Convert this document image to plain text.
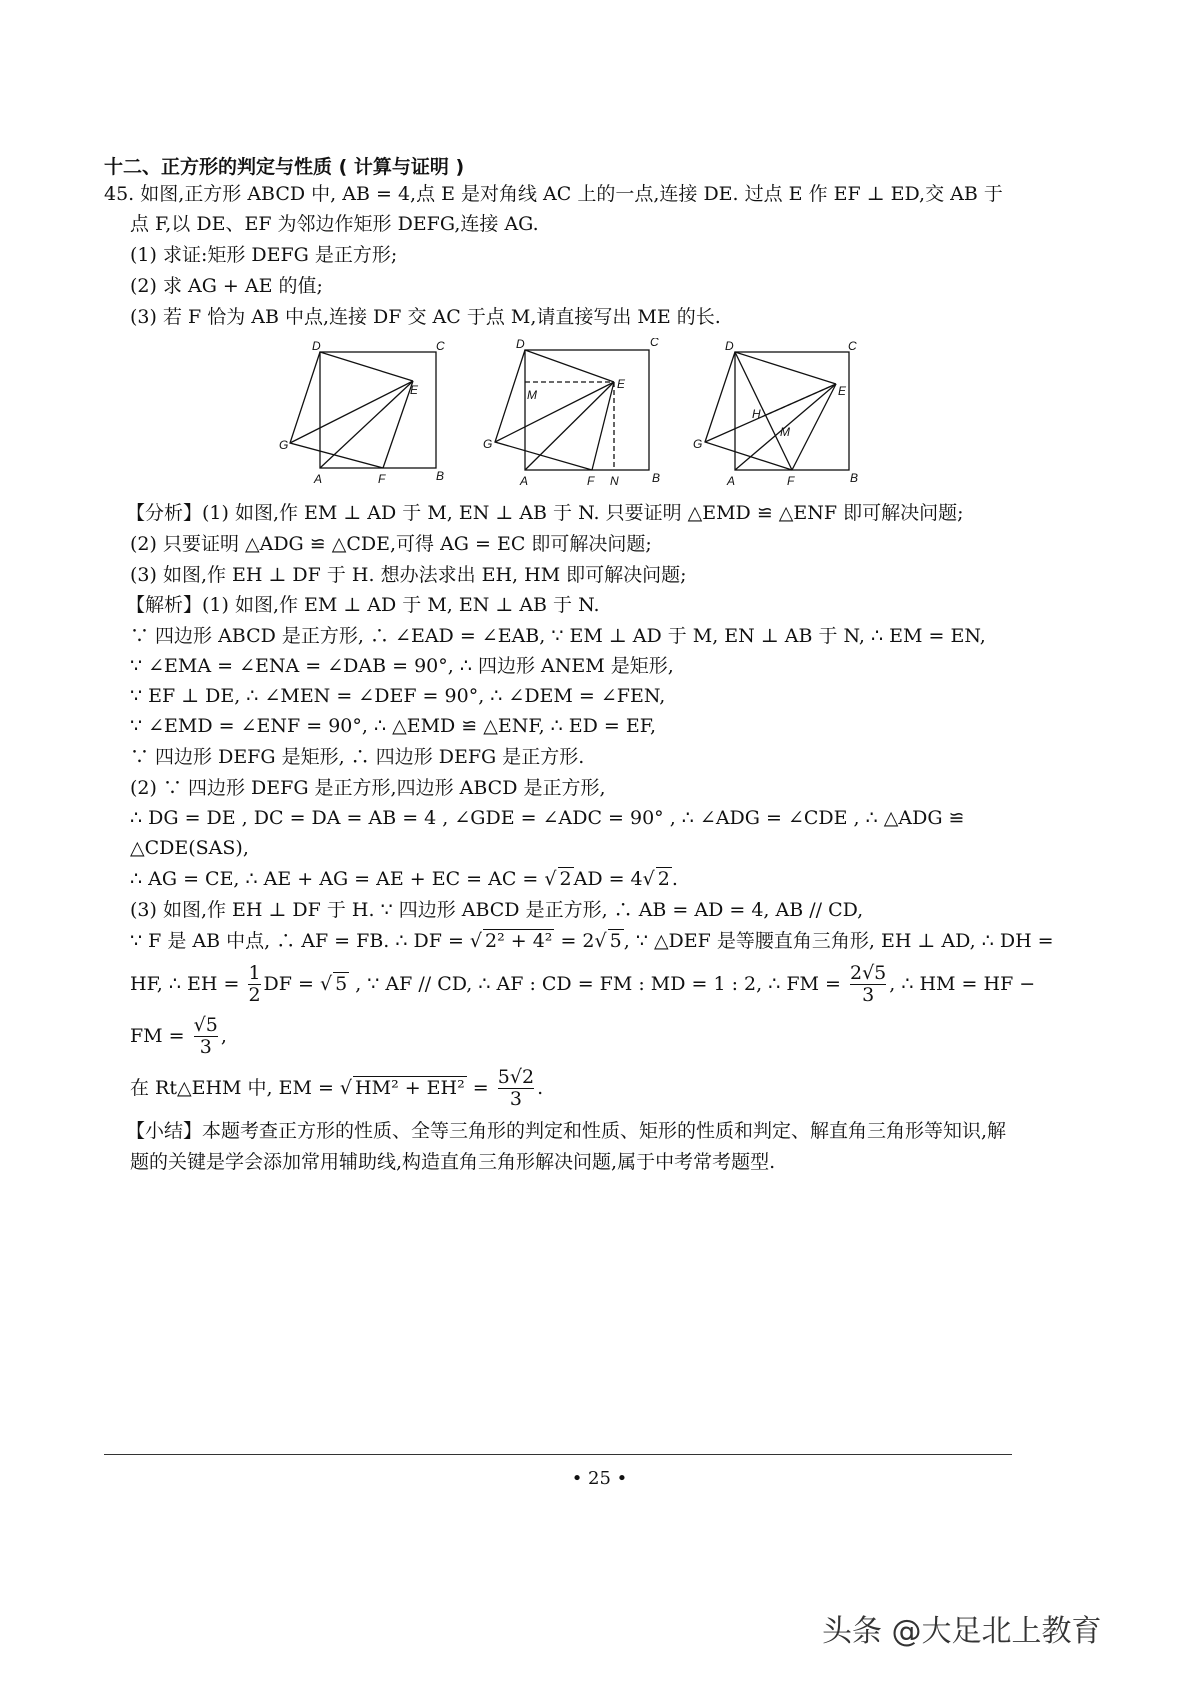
十二、正方形的判定与性质 ( 计算与证明 )
45. 如图,正方形 ABCD 中, AB = 4,点 E 是对角线 AC 上的一点,连接 DE. 过点 E 作 EF ⊥ ED,交 AB 于
点 F,以 DE、EF 为邻边作矩形 DEFG,连接 AG.
(1) 求证:矩形 DEFG 是正方形;
(2) 求 AG + AE 的值;
(3) 若 F 恰为 AB 中点,连接 DF 交 AC 于点 M,请直接写出 ME 的长.
D	C
E
G
A	F	B
D	C
E
M
G
A	F N	B
D	C
E
H
M
G
A	F	B
【分析】(1) 如图,作 EM ⊥ AD 于 M, EN ⊥ AB 于 N. 只要证明 △EMD ≌ △ENF 即可解决问题;
(2) 只要证明 △ADG ≌ △CDE,可得 AG = EC 即可解决问题;
(3) 如图,作 EH ⊥ DF 于 H. 想办法求出 EH, HM 即可解决问题;
【解析】(1) 如图,作 EM ⊥ AD 于 M, EN ⊥ AB 于 N.
∵ 四边形 ABCD 是正方形, ∴ ∠EAD = ∠EAB, ∵ EM ⊥ AD 于 M, EN ⊥ AB 于 N, ∴ EM = EN,
∵ ∠EMA = ∠ENA = ∠DAB = 90°, ∴ 四边形 ANEM 是矩形,
∵ EF ⊥ DE, ∴ ∠MEN = ∠DEF = 90°, ∴ ∠DEM = ∠FEN,
∵ ∠EMD = ∠ENF = 90°, ∴ △EMD ≌ △ENF, ∴ ED = EF,
∵ 四边形 DEFG 是矩形, ∴ 四边形 DEFG 是正方形.
(2) ∵ 四边形 DEFG 是正方形,四边形 ABCD 是正方形,
∴ DG = DE , DC = DA = AB = 4 , ∠GDE = ∠ADC = 90° , ∴ ∠ADG = ∠CDE , ∴ △ADG ≌
△CDE(SAS),
∴ AG = CE, ∴ AE + AG = AE + EC = AC = √ 2 AD = 4√ 2 .
(3) 如图,作 EH ⊥ DF 于 H. ∵ 四边形 ABCD 是正方形, ∴ AB = AD = 4, AB // CD,
∵ F 是 AB 中点, ∴ AF = FB. ∴ DF = √ 2² + 4² = 2√ 5 , ∵ △DEF 是等腰直角三角形, EH ⊥ AD, ∴ DH =
HF, ∴ EH = $\frac{1}{2}$ DF = √ 5 , ∵ AF // CD, ∴ AF : CD = FM : MD = 1 : 2, ∴ FM = $\frac{2√5}{3}$ , ∴ HM = HF −
FM = $\frac{√5}{3}$ ,
在 Rt△EHM 中, EM = √ $HM^2 + EH^2 = \frac{5√2}{3}$ .
【小结】本题考查正方形的性质、全等三角形的判定和性质、矩形的性质和判定、解直角三角形等知识,解
题的关键是学会添加常用辅助线,构造直角三角形解决问题,属于中考常考题型.
• 25 •
头条 @大足北上教育
